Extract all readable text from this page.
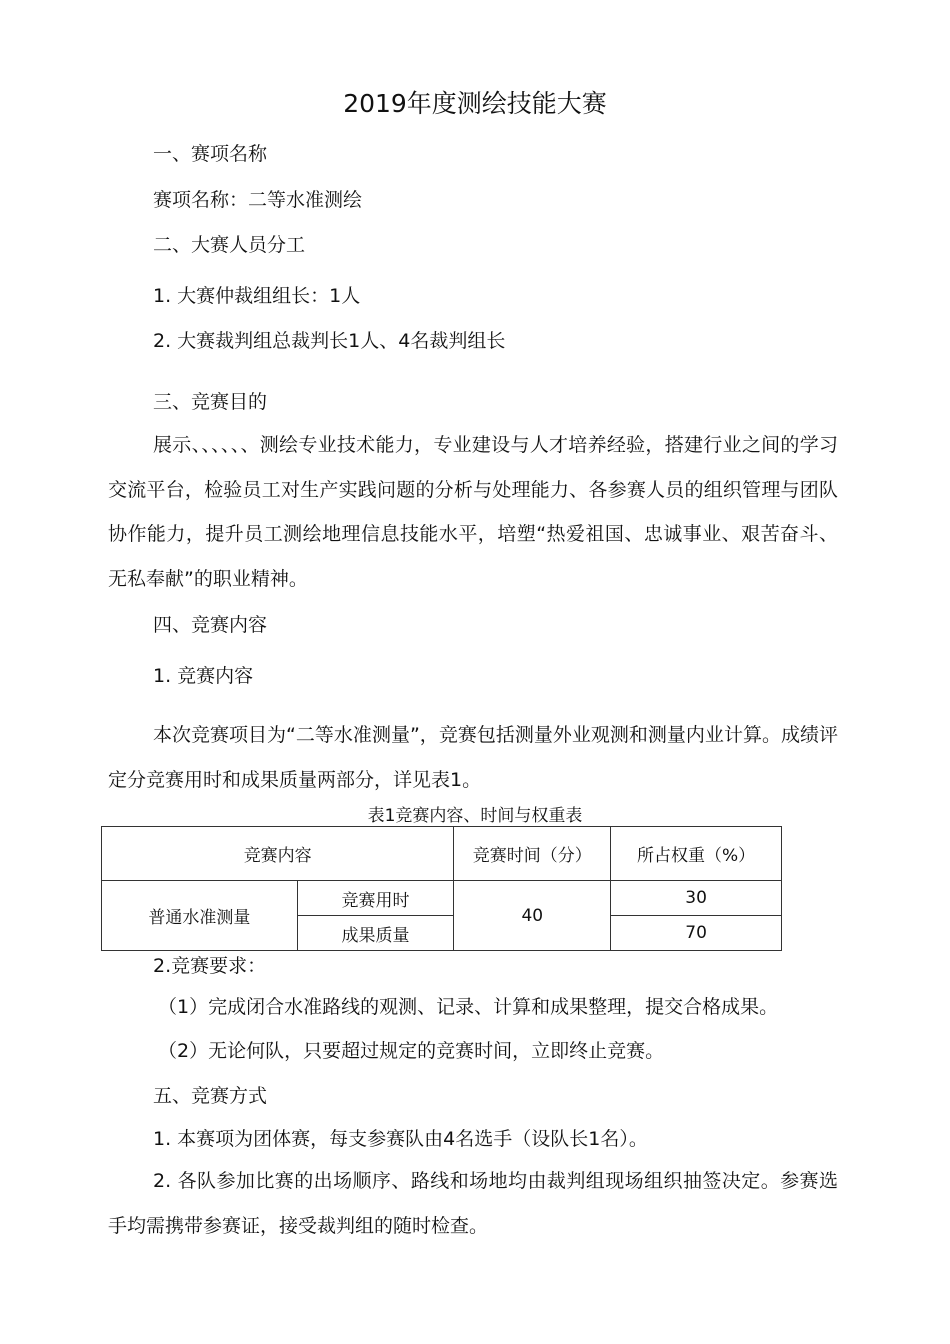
2019年度测绘技能大赛
一、赛项名称
赛项名称：二等水准测绘
二、大赛人员分工
1. 大赛仲裁组组长：1人
2. 大赛裁判组总裁判长1人、4名裁判组长
三、竞赛目的
展示、、、、、、测绘专业技术能力，专业建设与人才培养经验，搭建行业之间的学习交流平台，检验员工对生产实践问题的分析与处理能力、各参赛人员的组织管理与团队协作能力，提升员工测绘地理信息技能水平，培塑“热爱祖国、忠诚事业、艰苦奋斗、无私奉献”的职业精神。
四、竞赛内容
1. 竞赛内容
本次竞赛项目为“二等水准测量”，竞赛包括测量外业观测和测量内业计算。成绩评定分竞赛用时和成果质量两部分，详见表1。
表1竞赛内容、时间与权重表
竞赛内容		竞赛时间（分）	所占权重（%）
普通水准测量	竞赛用时	40	30
	成果质量		70
2.竞赛要求：
（1）完成闭合水准路线的观测、记录、计算和成果整理，提交合格成果。
（2）无论何队，只要超过规定的竞赛时间，立即终止竞赛。
五、竞赛方式
1. 本赛项为团体赛，每支参赛队由4名选手（设队长1名）。
2. 各队参加比赛的出场顺序、路线和场地均由裁判组现场组织抽签决定。参赛选手均需携带参赛证，接受裁判组的随时检查。
